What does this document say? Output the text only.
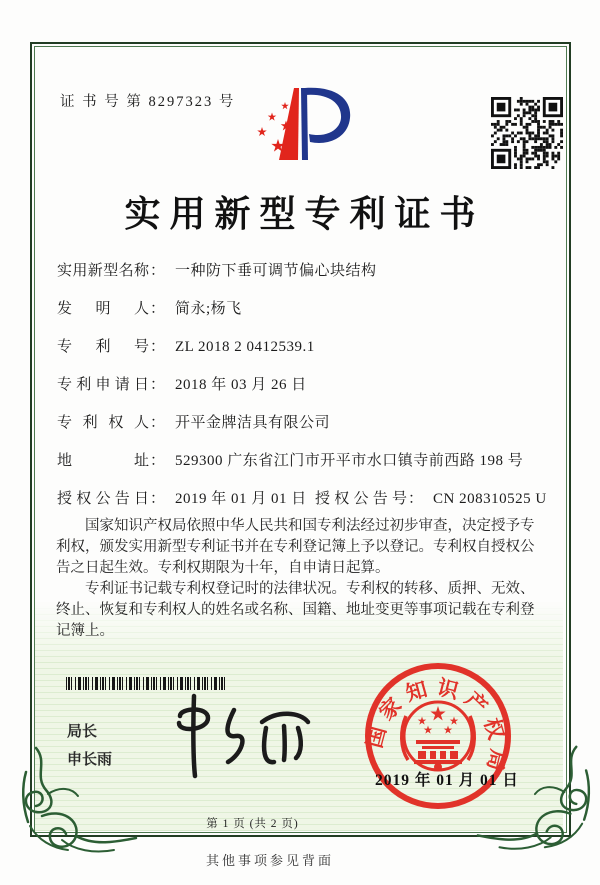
证 书 号 第 8297323 号
实用新型专利证书
实用新型名称： 一种防下垂可调节偏心块结构
发明人： 简永;杨飞
专利号： ZL 2018 2 0412539.1
专利申请日： 2018 年 03 月 26 日
专利权人： 开平金牌洁具有限公司
地址： 529300 广东省江门市开平市水口镇寺前西路 198 号
授权公告日： 2019 年 01 月 01 日 授权公告号： CN 208310525 U

国家知识产权局依照中华人民共和国专利法经过初步审查，决定授予专利权，颁发实用新型专利证书并在专利登记簿上予以登记。专利权自授权公告之日起生效。专利权期限为十年，自申请日起算。

专利证书记载专利权登记时的法律状况。专利权的转移、质押、无效、终止、恢复和专利权人的姓名或名称、国籍、地址变更等事项记载在专利登记簿上。

局长
申长雨
国家知识产权局
2019 年 01 月 01 日
第 1 页 (共 2 页)
其他事项参见背面
